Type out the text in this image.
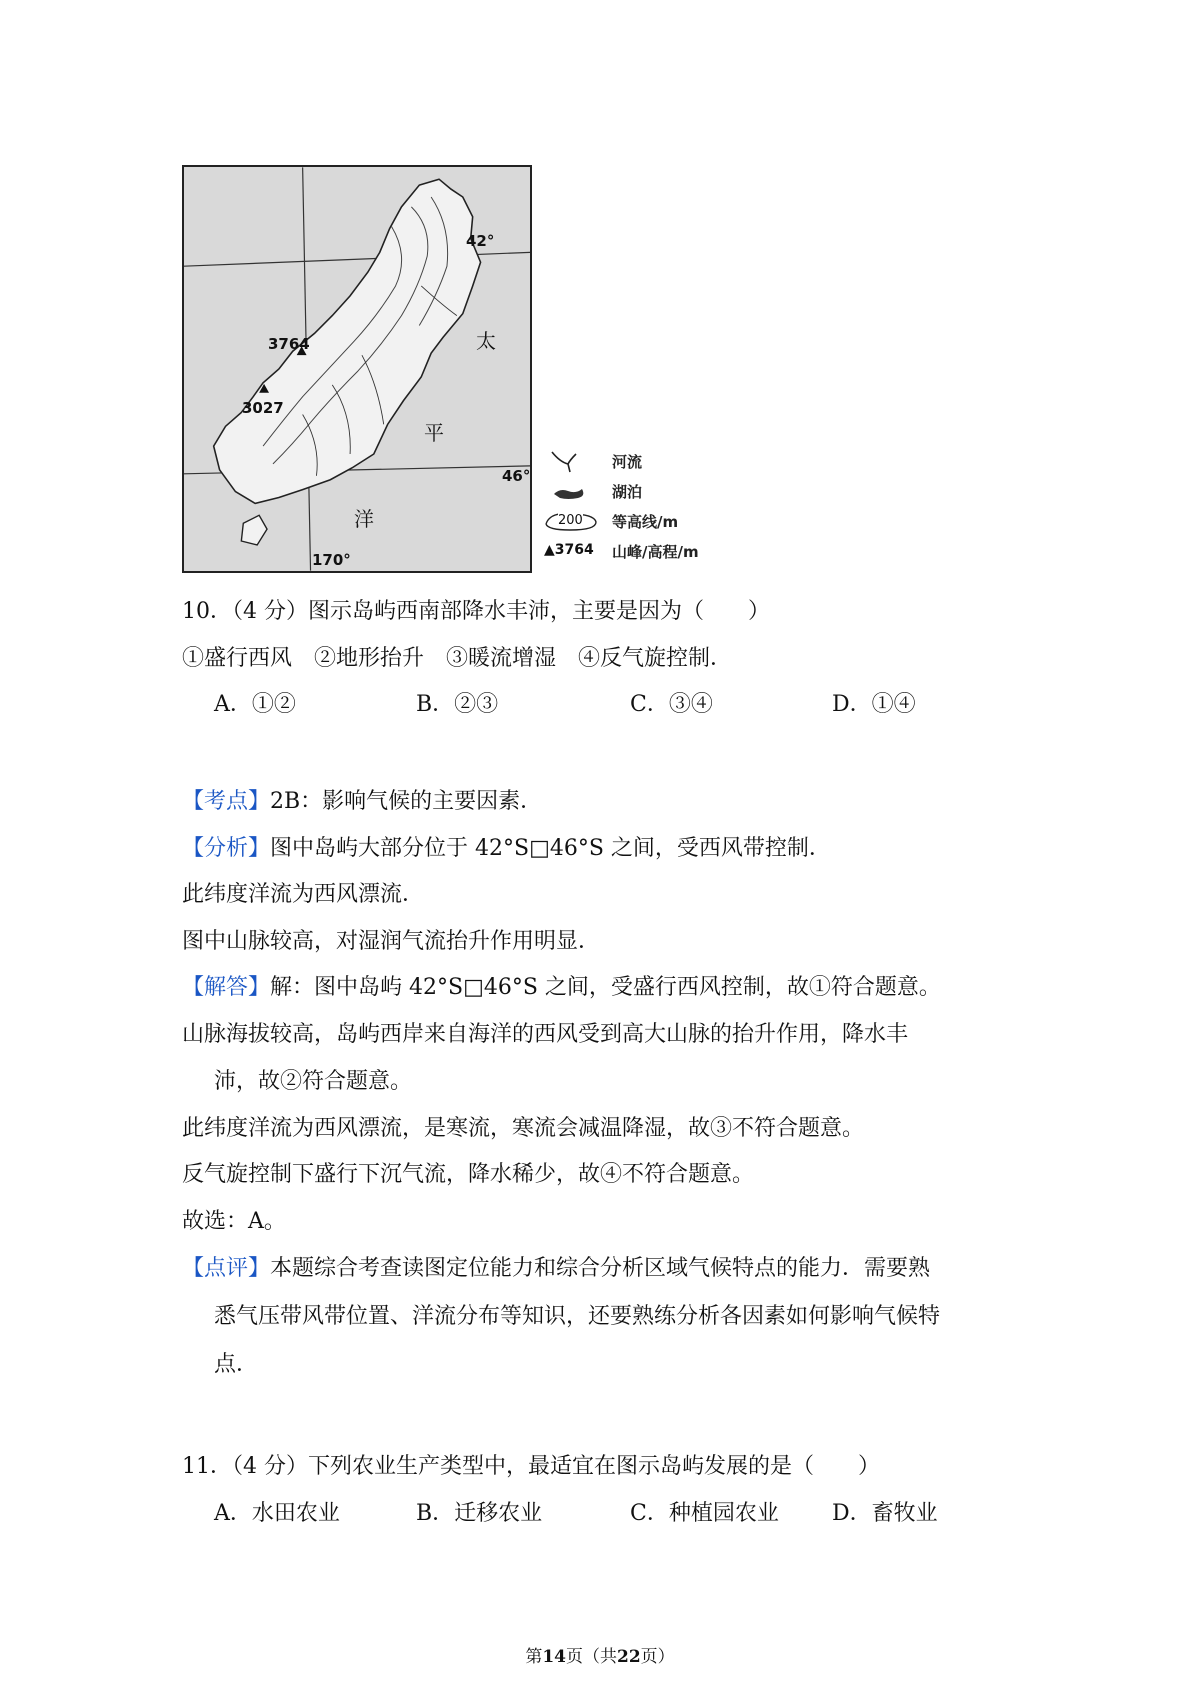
42°
46°
170°
3764
3027
太
平
洋
河流
湖泊
200 等高线/m
▲3764 山峰/高程/m
10．（4 分）图示岛屿西南部降水丰沛，主要是因为（　　）
①盛行西风　②地形抬升　③暖流增湿　④反气旋控制．
A．①②	B．②③	C．③④	D．①④
【考点】2B：影响气候的主要因素．
【分析】图中岛屿大部分位于 42°S□46°S 之间，受西风带控制．
此纬度洋流为西风漂流．
图中山脉较高，对湿润气流抬升作用明显．
【解答】解：图中岛屿 42°S□46°S 之间，受盛行西风控制，故①符合题意。
山脉海拔较高，岛屿西岸来自海洋的西风受到高大山脉的抬升作用，降水丰
沛，故②符合题意。
此纬度洋流为西风漂流，是寒流，寒流会减温降湿，故③不符合题意。
反气旋控制下盛行下沉气流，降水稀少，故④不符合题意。
故选：A。
【点评】本题综合考查读图定位能力和综合分析区域气候特点的能力．需要熟
悉气压带风带位置、洋流分布等知识，还要熟练分析各因素如何影响气候特
点．
11．（4 分）下列农业生产类型中，最适宜在图示岛屿发展的是（　　）
A．水田农业	B．迁移农业	C．种植园农业 D．畜牧业
第14页（共22页）
